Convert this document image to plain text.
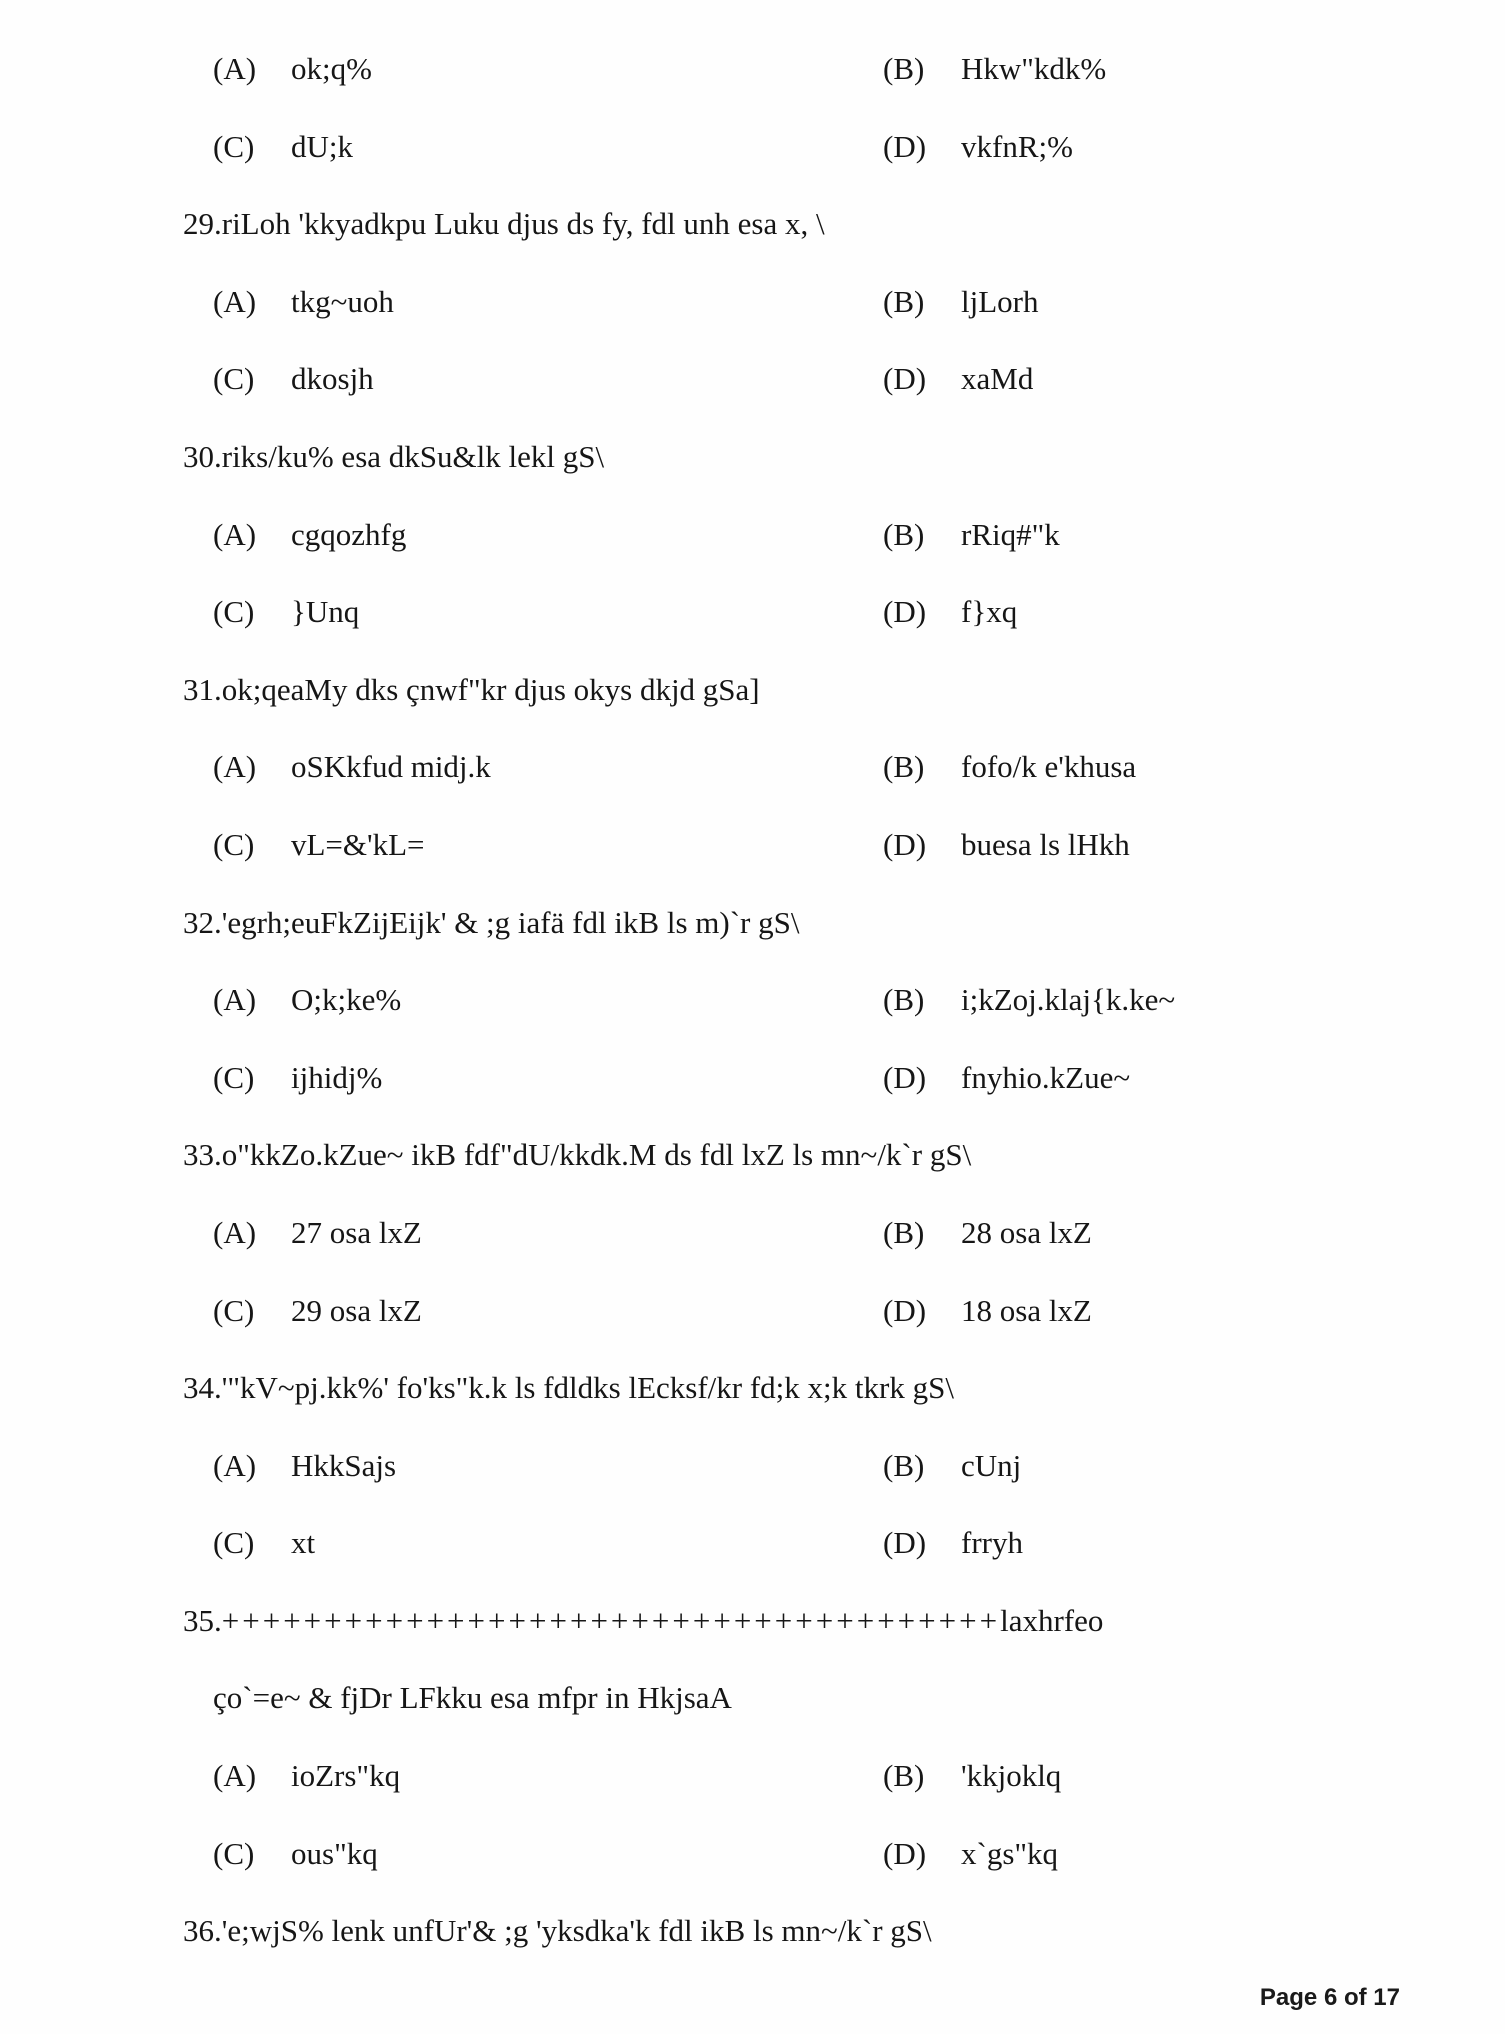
(A) ok;q%	(B) Hkw"kdk%
(C) dU;k	(D) vkfnR;%
29.riLoh 'kkyadkpu Luku djus ds fy, fdl unh esa x, \
(A) tkg~uoh	(B) ljLorh
(C) dkosjh	(D) xaMd
30.riks/ku% esa dkSu&lk lekl gS\
(A) cgqozhfg	(B) rRiq#"k
(C) }Unq	(D) f}xq
31.ok;qeaMy dks çnwf"kr djus okys dkjd gSa]
(A) oSKkfud midj.k	(B) fofo/k e'khusa
(C) vL=&'kL=	(D) buesa ls lHkh
32.'egrh;euFkZijEijk' & ;g iafä fdl ikB ls m)`r gS\
(A) O;k;ke%	(B) i;kZoj.klaj{k.ke~
(C) ijhidj%	(D) fnyhio.kZue~
33.o"kkZo.kZue~ ikB fdf"dU/kkdk.M ds fdl lxZ ls mn~/k`r gS\
(A) 27 osa lxZ	(B) 28 osa lxZ
(C) 29 osa lxZ	(D) 18 osa lxZ
34.'"kV~pj.kk%' fo'ks"k.k ls fdldks lEcksf/kr fd;k x;k tkrk gS\
(A) HkkSajs	(B) cUnj
(C) xt	(D) frryh
35.++++++++++++++++++++++++++++++++++++++laxhrfeo
ço`=e~ & fjDr LFkku esa mfpr in HkjsaA
(A) ioZrs"kq	(B) 'kkjoklq
(C) ous"kq	(D) x`gs"kq
36.'e;wjS% lenk unfUr'& ;g 'yksdka'k fdl ikB ls mn~/k`r gS\
Page 6 of 17
